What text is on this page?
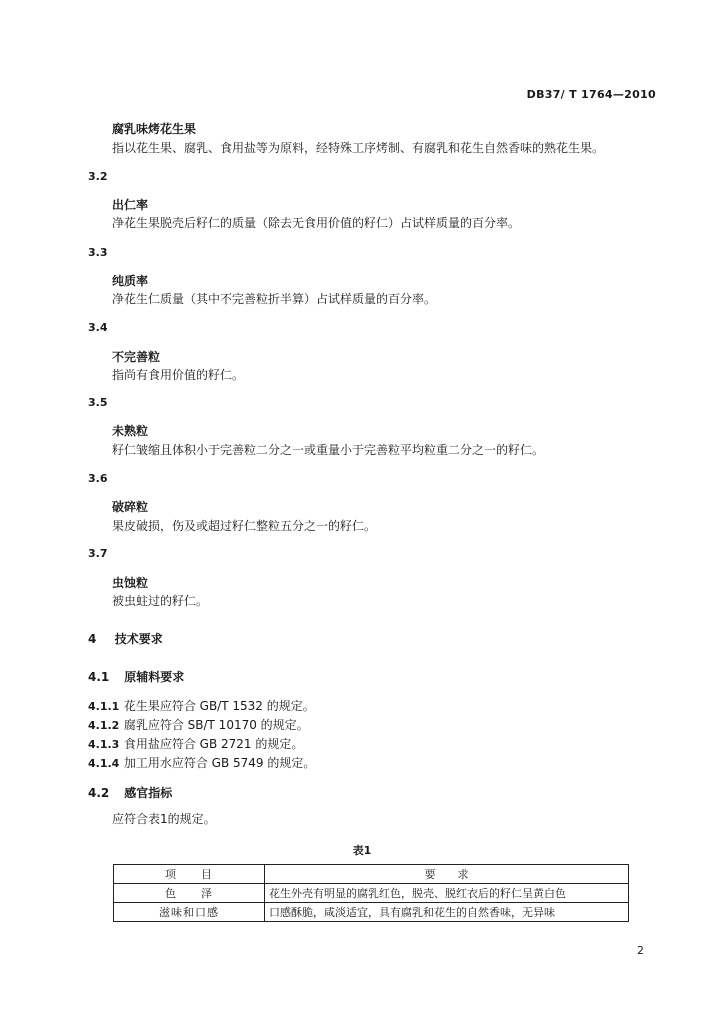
DB37/ T 1764—2010
腐乳味烤花生果
指以花生果、腐乳、食用盐等为原料，经特殊工序烤制、有腐乳和花生自然香味的熟花生果。
3.2
出仁率
净花生果脱壳后籽仁的质量（除去无食用价值的籽仁）占试样质量的百分率。
3.3
纯质率
净花生仁质量（其中不完善粒折半算）占试样质量的百分率。
3.4
不完善粒
指尚有食用价值的籽仁。
3.5
未熟粒
籽仁皱缩且体积小于完善粒二分之一或重量小于完善粒平均粒重二分之一的籽仁。
3.6
破碎粒
果皮破损，伤及或超过籽仁整粒五分之一的籽仁。
3.7
虫蚀粒
被虫蛀过的籽仁。
4 技术要求
4.1 原辅料要求
4.1.1 花生果应符合 GB/T 1532 的规定。
4.1.2 腐乳应符合 SB/T 10170 的规定。
4.1.3 食用盐应符合 GB 2721 的规定。
4.1.4 加工用水应符合 GB 5749 的规定。
4.2 感官指标
应符合表1的规定。
表1
项　　目	要　　求
色　　泽	花生外壳有明显的腐乳红色，脱壳、脱红衣后的籽仁呈黄白色
滋味和口感	口感酥脆，咸淡适宜，具有腐乳和花生的自然香味，无异味
2
